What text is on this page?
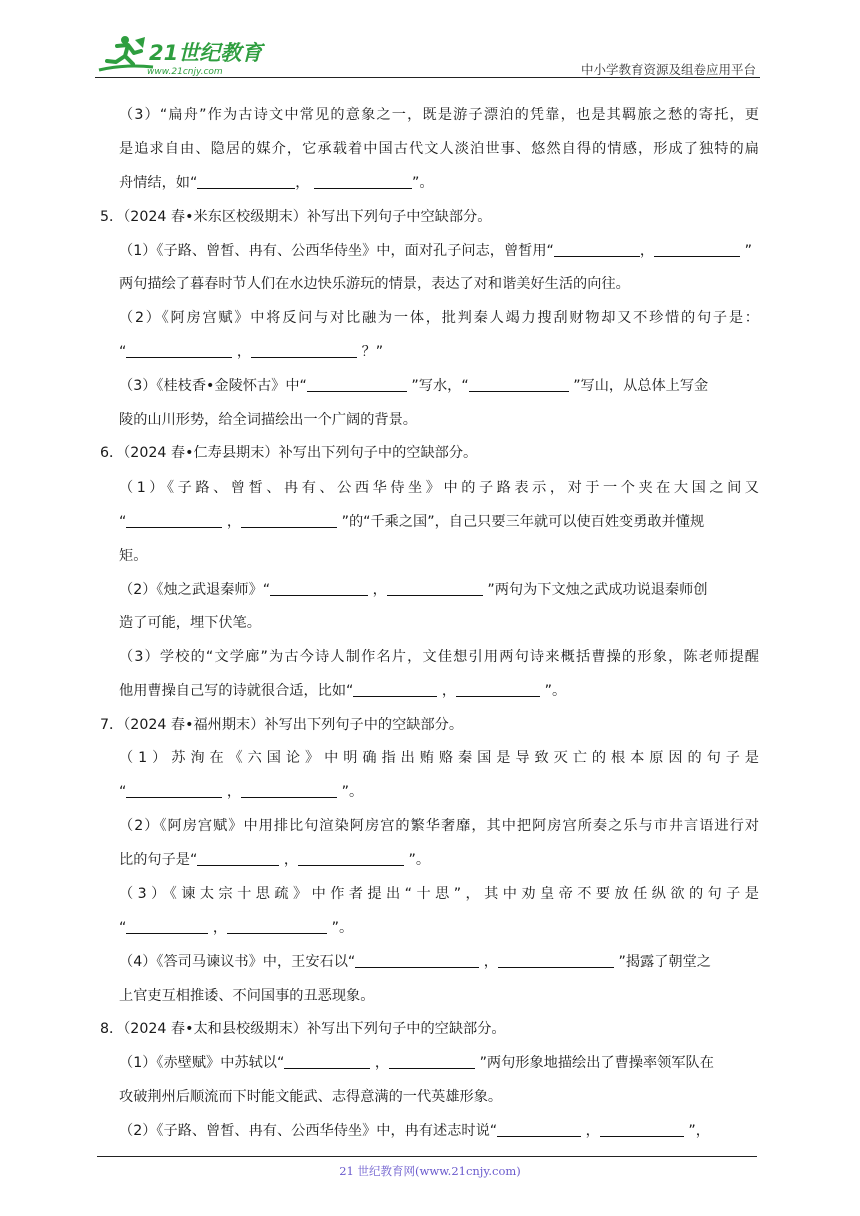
21世纪教育
www.21cnjy.com	中小学教育资源及组卷应用平台
（3）“扁舟”作为古诗文中常见的意象之一，既是游子漂泊的凭靠，也是其羁旅之愁的寄托，更
是追求自由、隐居的媒介，它承载着中国古代文人淡泊世事、悠然自得的情感，形成了独特的扁
舟情结，如“	，	”。
5．（2024 春•米东区校级期末）补写出下列句子中空缺部分。
（1）《子路、曾皙、冉有、公西华侍坐》中，面对孔子问志，曾皙用“	，	”
两句描绘了暮春时节人们在水边快乐游玩的情景，表达了对和谐美好生活的向往。
（2）《阿房宫赋》中将反问与对比融为一体，批判秦人竭力搜刮财物却又不珍惜的句子是：
“	，	？”
（3）《桂枝香•金陵怀古》中“	”写水，“	”写山，从总体上写金
陵的山川形势，给全词描绘出一个广阔的背景。
6．（2024 春•仁寿县期末）补写出下列句子中的空缺部分。
（1）《子路、曾皙、冉有、公西华侍坐》中的子路表示，对于一个夹在大国之间又
“	，	”的“千乘之国”，自己只要三年就可以使百姓变勇敢并懂规
矩。
（2）《烛之武退秦师》“	，	”两句为下文烛之武成功说退秦师创
造了可能，埋下伏笔。
（3）学校的“文学廊”为古今诗人制作名片，文佳想引用两句诗来概括曹操的形象，陈老师提醒
他用曹操自己写的诗就很合适，比如“	，	”。
7．（2024 春•福州期末）补写出下列句子中的空缺部分。
（1）苏洵在《六国论》中明确指出贿赂秦国是导致灭亡的根本原因的句子是
“	，	”。
（2）《阿房宫赋》中用排比句渲染阿房宫的繁华奢靡，其中把阿房宫所奏之乐与市井言语进行对
比的句子是“	，	”。
（3）《谏太宗十思疏》中作者提出“十思”，其中劝皇帝不要放任纵欲的句子是
“	，	”。
（4）《答司马谏议书》中，王安石以“	，	”揭露了朝堂之
上官吏互相推诿、不问国事的丑恶现象。
8．（2024 春•太和县校级期末）补写出下列句子中的空缺部分。
（1）《赤壁赋》中苏轼以“	，	”两句形象地描绘出了曹操率领军队在
攻破荆州后顺流而下时能文能武、志得意满的一代英雄形象。
（2）《子路、曾皙、冉有、公西华侍坐》中，冉有述志时说“	，	”，
21 世纪教育网(www.21cnjy.com)
